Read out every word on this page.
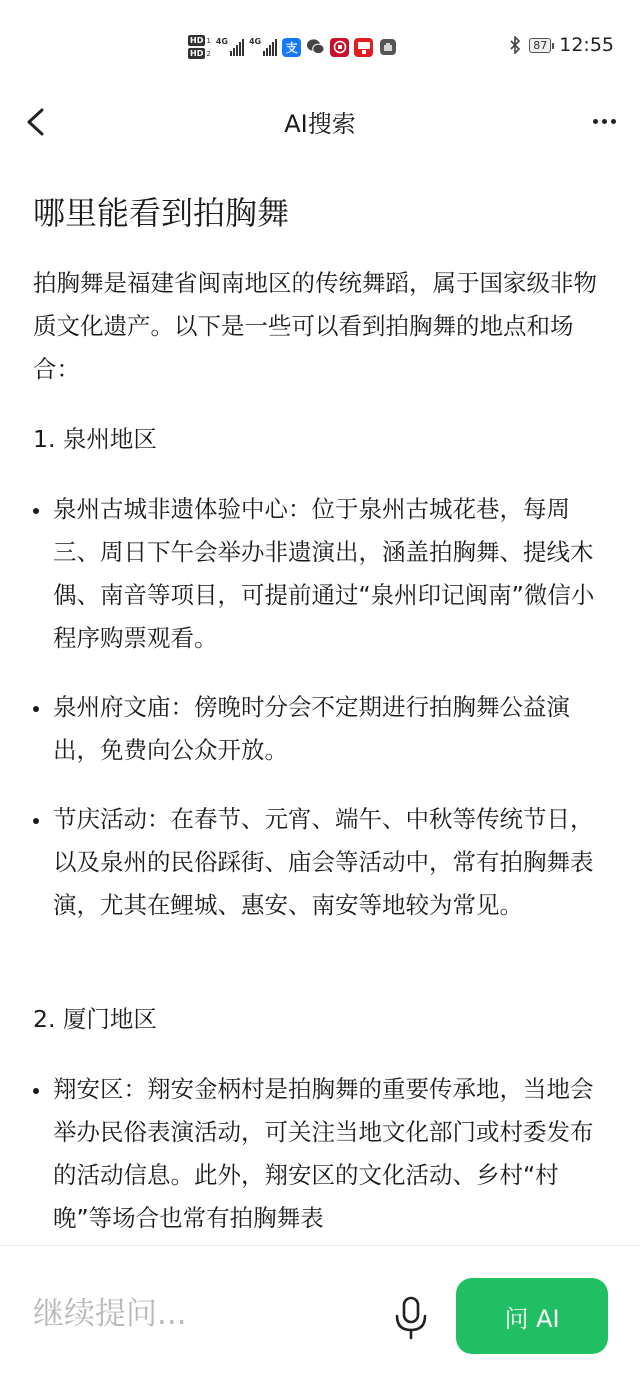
HD 1
HD 2
4G	4G 支	87 12:55
AI搜索
哪里能看到拍胸舞
拍胸舞是福建省闽南地区的传统舞蹈，属于国家级非物质文化遗产。以下是一些可以看到拍胸舞的地点和场合：
1. 泉州地区
泉州古城非遗体验中心：位于泉州古城花巷，每周三、周日下午会举办非遗演出，涵盖拍胸舞、提线木偶、南音等项目，可提前通过“泉州印记闽南”微信小程序购票观看。
泉州府文庙：傍晚时分会不定期进行拍胸舞公益演出，免费向公众开放。
节庆活动：在春节、元宵、端午、中秋等传统节日，以及泉州的民俗踩街、庙会等活动中，常有拍胸舞表演，尤其在鲤城、惠安、南安等地较为常见。
2. 厦门地区
翔安区：翔安金柄村是拍胸舞的重要传承地，当地会举办民俗表演活动，可关注当地文化部门或村委发布的活动信息。此外，翔安区的文化活动、乡村“村晚”等场合也常有拍胸舞表
继续提问...
问 AI
